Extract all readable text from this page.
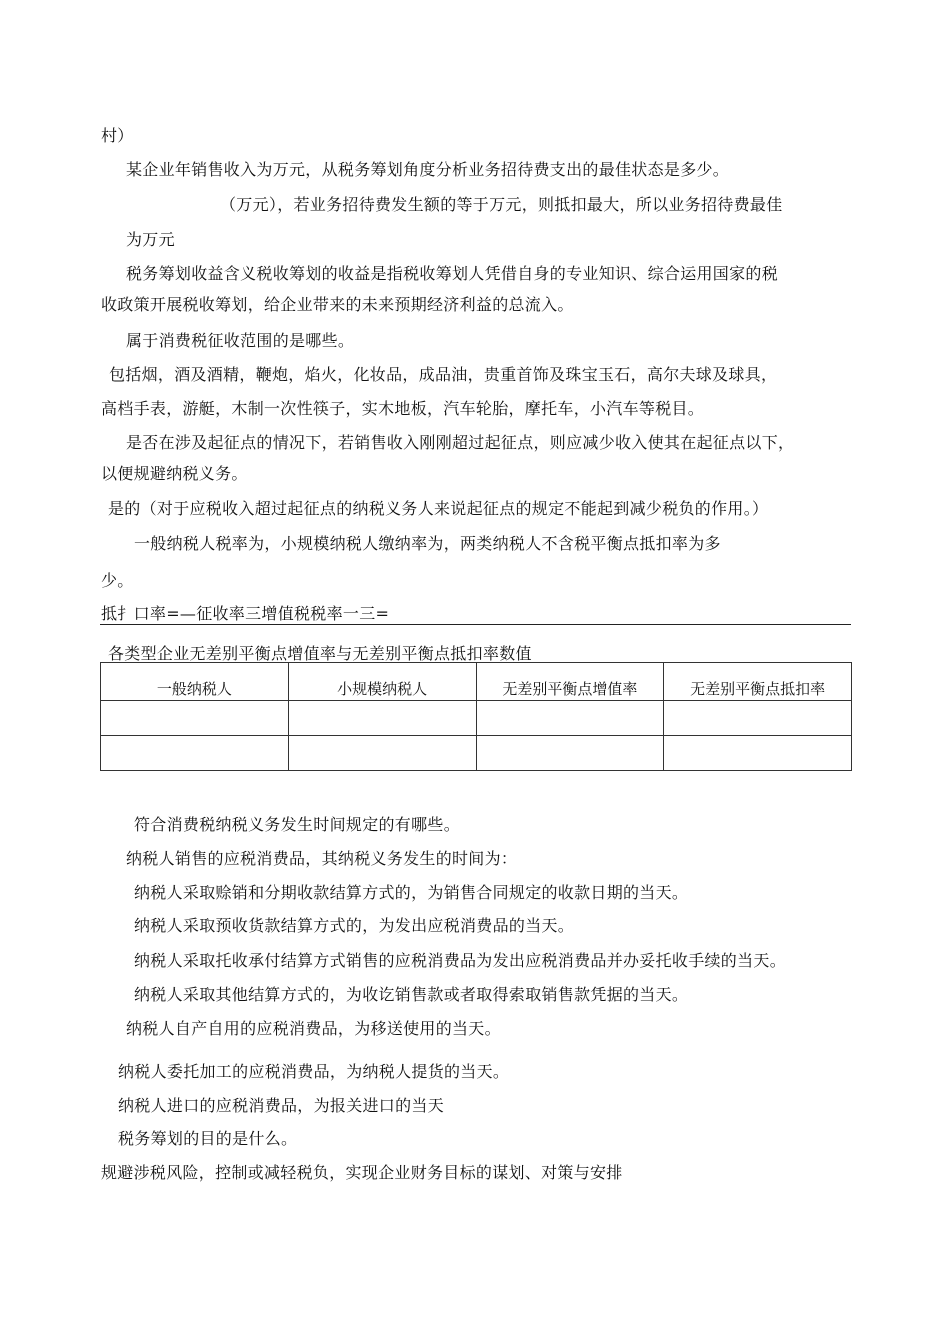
村）
某企业年销售收入为万元，从税务筹划角度分析业务招待费支出的最佳状态是多少。
（万元），若业务招待费发生额的等于万元，则抵扣最大，所以业务招待费最佳
为万元
税务筹划收益含义税收筹划的收益是指税收筹划人凭借自身的专业知识、综合运用国家的税
收政策开展税收筹划，给企业带来的未来预期经济利益的总流入。
属于消费税征收范围的是哪些。
包括烟，酒及酒精，鞭炮，焰火，化妆品，成品油，贵重首饰及珠宝玉石，高尔夫球及球具，
高档手表，游艇，木制一次性筷子，实木地板，汽车轮胎，摩托车，小汽车等税目。
是否在涉及起征点的情况下，若销售收入刚刚超过起征点，则应减少收入使其在起征点以下，
以便规避纳税义务。
是的（对于应税收入超过起征点的纳税义务人来说起征点的规定不能起到减少税负的作用。）
一般纳税人税率为，小规模纳税人缴纳率为，两类纳税人不含税平衡点抵扣率为多
少。
抵扌口率=—征收率三增值税税率一三=
各类型企业无差别平衡点增值率与无差别平衡点抵扣率数值
一般纳税人	小规模纳税人	无差别平衡点增值率	无差别平衡点抵扣率

符合消费税纳税义务发生时间规定的有哪些。
纳税人销售的应税消费品，其纳税义务发生的时间为：
纳税人采取赊销和分期收款结算方式的，为销售合同规定的收款日期的当天。
纳税人采取预收货款结算方式的，为发出应税消费品的当天。
纳税人采取托收承付结算方式销售的应税消费品为发出应税消费品并办妥托收手续的当天。
纳税人采取其他结算方式的，为收讫销售款或者取得索取销售款凭据的当天。
纳税人自产自用的应税消费品，为移送使用的当天。
纳税人委托加工的应税消费品，为纳税人提货的当天。
纳税人进口的应税消费品，为报关进口的当天
税务筹划的目的是什么。
规避涉税风险，控制或减轻税负，实现企业财务目标的谋划、对策与安排
